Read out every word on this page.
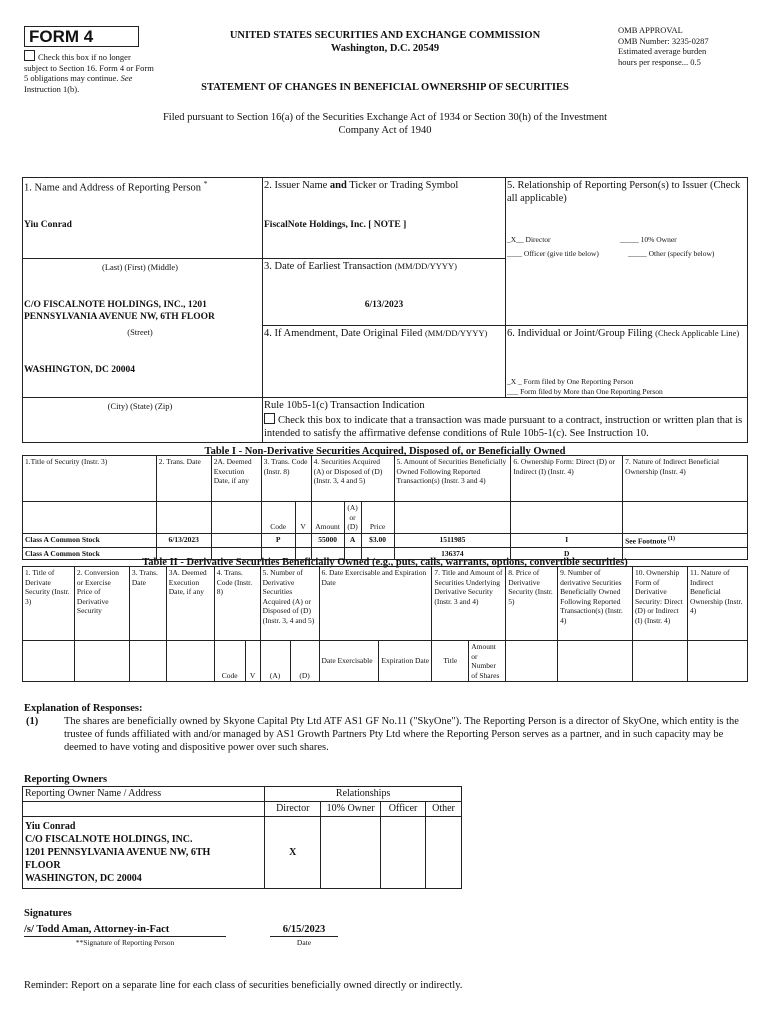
FORM 4
Check this box if no longer subject to Section 16. Form 4 or Form 5 obligations may continue. See Instruction 1(b).
UNITED STATES SECURITIES AND EXCHANGE COMMISSION
Washington, D.C. 20549
STATEMENT OF CHANGES IN BENEFICIAL OWNERSHIP OF SECURITIES
OMB APPROVAL
OMB Number: 3235-0287
Estimated average burden
hours per response... 0.5
Filed pursuant to Section 16(a) of the Securities Exchange Act of 1934 or Section 30(h) of the Investment Company Act of 1940
1. Name and Address of Reporting Person *
Yiu Conrad
(Last) (First) (Middle)
C/O FISCALNOTE HOLDINGS, INC., 1201 PENNSYLVANIA AVENUE NW, 6TH FLOOR
(Street)
WASHINGTON, DC 20004
(City) (State) (Zip)
2. Issuer Name and Ticker or Trading Symbol
FiscalNote Holdings, Inc. [ NOTE ]
3. Date of Earliest Transaction (MM/DD/YYYY)
6/13/2023
4. If Amendment, Date Original Filed (MM/DD/YYYY)
Rule 10b5-1(c) Transaction Indication
Check this box to indicate that a transaction was made pursuant to a contract, instruction or written plan that is intended to satisfy the affirmative defense conditions of Rule 10b5-1(c). See Instruction 10.
5. Relationship of Reporting Person(s) to Issuer (Check all applicable)
_X__ Director	_____ 10% Owner
____ Officer (give title below)	_____ Other (specify below)
6. Individual or Joint/Group Filing (Check Applicable Line)
_X _ Form filed by One Reporting Person
___ Form filed by More than One Reporting Person
Table I - Non-Derivative Securities Acquired, Disposed of, or Beneficially Owned
1.Title of Security (Instr. 3)	2. Trans. Date	2A. Deemed Execution Date, if any	3. Trans. Code (Instr. 8)		4. Securities Acquired (A) or Disposed of (D) (Instr. 3, 4 and 5)			5. Amount of Securities Beneficially Owned Following Reported Transaction(s) (Instr. 3 and 4)	6. Ownership Form: Direct (D) or Indirect (I) (Instr. 4)	7. Nature of Indirect Beneficial Ownership (Instr. 4)
			Code	V	Amount	(A) or (D)	Price			
Class A Common Stock	6/13/2023		P		55000	A	$3.00	1511985	I	See Footnote $^{(1)}$
Class A Common Stock								136374	D	
Table II - Derivative Securities Beneficially Owned (e.g., puts, calls, warrants, options, convertible securities)
1. Title of Derivate Security (Instr. 3)	2. Conversion or Exercise Price of Derivative Security	3. Trans. Date	3A. Deemed Execution Date, if any	4. Trans. Code (Instr. 8)		5. Number of Derivative Securities Acquired (A) or Disposed of (D) (Instr. 3, 4 and 5)		6. Date Exercisable and Expiration Date		7. Title and Amount of Securities Underlying Derivative Security (Instr. 3 and 4)		8. Price of Derivative Security (Instr. 5)	9. Number of derivative Securities Beneficially Owned Following Reported Transaction(s) (Instr. 4)	10. Ownership Form of Derivative Security: Direct (D) or Indirect (I) (Instr. 4)	11. Nature of Indirect Beneficial Ownership (Instr. 4)
				Code	V	(A)	(D)	Date Exercisable	Expiration Date	Title	Amount or Number of Shares				
Explanation of Responses:
(1) The shares are beneficially owned by Skyone Capital Pty Ltd ATF AS1 GF No.11 ("SkyOne"). The Reporting Person is a director of SkyOne, which entity is the trustee of funds affiliated with and/or managed by AS1 Growth Partners Pty Ltd where the Reporting Person serves as a partner, and in such capacity may be deemed to have voting and dispositive power over such shares.
Reporting Owners
Reporting Owner Name / Address	Relationships			
	Director	10% Owner	Officer	Other

Yiu Conrad
C/O FISCALNOTE HOLDINGS, INC.
1201 PENNSYLVANIA AVENUE NW, 6TH
FLOOR
WASHINGTON, DC 20004	X			
Signatures
/s/ Todd Aman, Attorney-in-Fact
**Signature of Reporting Person
6/15/2023
Date
Reminder: Report on a separate line for each class of securities beneficially owned directly or indirectly.
